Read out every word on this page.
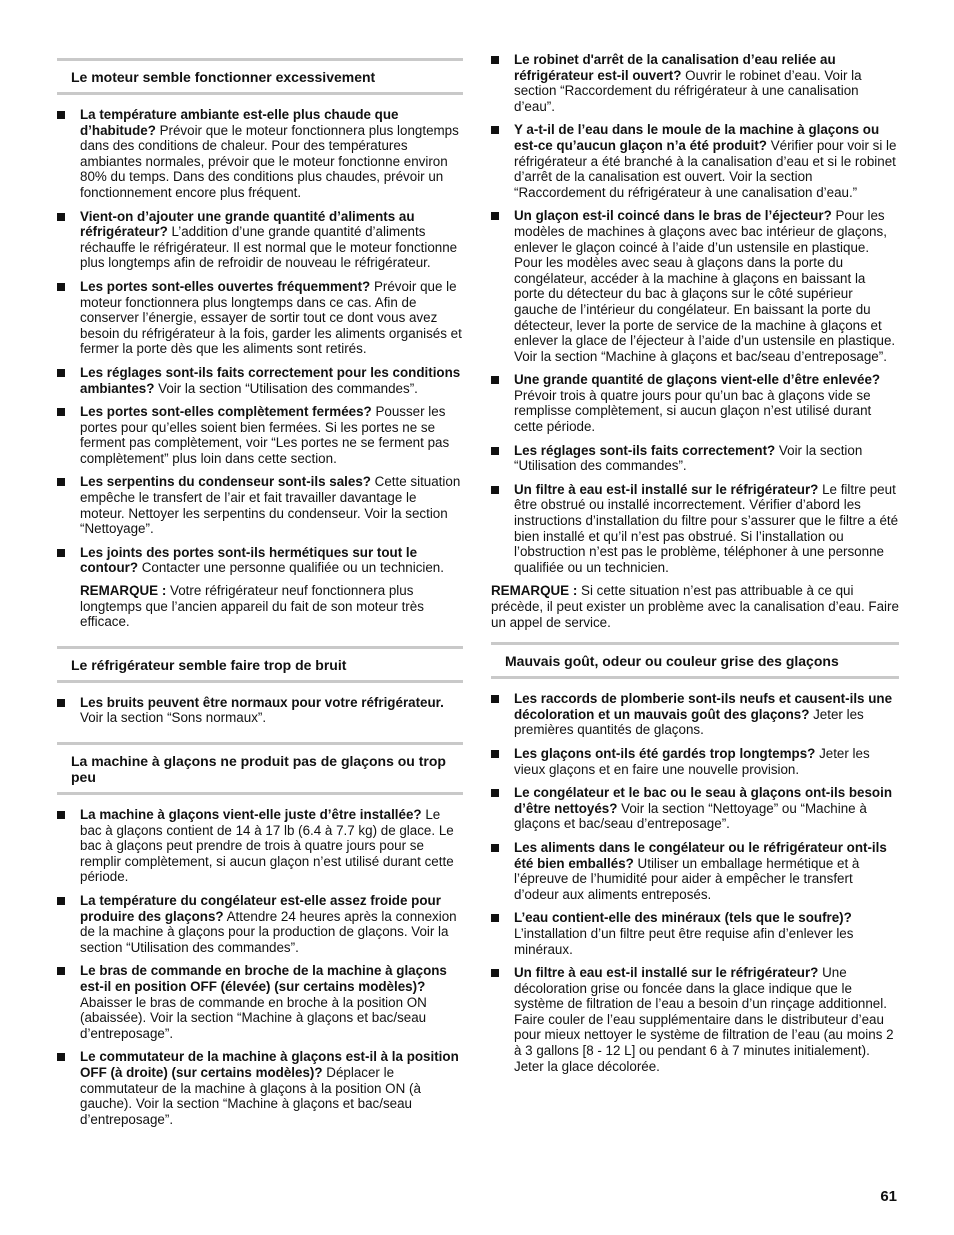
Le moteur semble fonctionner excessivement
La température ambiante est-elle plus chaude que d’habitude? Prévoir que le moteur fonctionnera plus longtemps dans des conditions de chaleur. Pour des températures ambiantes normales, prévoir que le moteur fonctionne environ 80% du temps. Dans des conditions plus chaudes, prévoir un fonctionnement encore plus fréquent.
Vient-on d’ajouter une grande quantité d’aliments au réfrigérateur? L’addition d’une grande quantité d’aliments réchauffe le réfrigérateur. Il est normal que le moteur fonctionne plus longtemps afin de refroidir de nouveau le réfrigérateur.
Les portes sont-elles ouvertes fréquemment? Prévoir que le moteur fonctionnera plus longtemps dans ce cas. Afin de conserver l’énergie, essayer de sortir tout ce dont vous avez besoin du réfrigérateur à la fois, garder les aliments organisés et fermer la porte dès que les aliments sont retirés.
Les réglages sont-ils faits correctement pour les conditions ambiantes? Voir la section “Utilisation des commandes”.
Les portes sont-elles complètement fermées? Pousser les portes pour qu’elles soient bien fermées. Si les portes ne se ferment pas complètement, voir “Les portes ne se ferment pas complètement” plus loin dans cette section.
Les serpentins du condenseur sont-ils sales? Cette situation empêche le transfert de l’air et fait travailler davantage le moteur. Nettoyer les serpentins du condenseur. Voir la section “Nettoyage”.
Les joints des portes sont-ils hermétiques sur tout le contour? Contacter une personne qualifiée ou un technicien.

REMARQUE : Votre réfrigérateur neuf fonctionnera plus longtemps que l’ancien appareil du fait de son moteur très efficace.

Le réfrigérateur semble faire trop de bruit
Les bruits peuvent être normaux pour votre réfrigérateur. Voir la section “Sons normaux”.
La machine à glaçons ne produit pas de glaçons ou trop peu
La machine à glaçons vient-elle juste d’être installée? Le bac à glaçons contient de 14 à 17 lb (6.4 à 7.7 kg) de glace. Le bac à glaçons peut prendre de trois à quatre jours pour se remplir complètement, si aucun glaçon n’est utilisé durant cette période.
La température du congélateur est-elle assez froide pour produire des glaçons? Attendre 24 heures après la connexion de la machine à glaçons pour la production de glaçons. Voir la section “Utilisation des commandes”.
Le bras de commande en broche de la machine à glaçons est-il en position OFF (élevée) (sur certains modèles)? Abaisser le bras de commande en broche à la position ON (abaissée). Voir la section “Machine à glaçons et bac/seau d’entreposage”.
Le commutateur de la machine à glaçons est-il à la position OFF (à droite) (sur certains modèles)? Déplacer le commutateur de la machine à glaçons à la position ON (à gauche). Voir la section “Machine à glaçons et bac/seau d’entreposage”.
Le robinet d'arrêt de la canalisation d’eau reliée au réfrigérateur est-il ouvert? Ouvrir le robinet d’eau. Voir la section “Raccordement du réfrigérateur à une canalisation d’eau”.
Y a-t-il de l’eau dans le moule de la machine à glaçons ou est-ce qu’aucun glaçon n’a été produit? Vérifier pour voir si le réfrigérateur a été branché à la canalisation d’eau et si le robinet d’arrêt de la canalisation est ouvert. Voir la section “Raccordement du réfrigérateur à une canalisation d’eau.”
Un glaçon est-il coincé dans le bras de l’éjecteur? Pour les modèles de machines à glaçons avec bac intérieur de glaçons, enlever le glaçon coincé à l’aide d’un ustensile en plastique. Pour les modèles avec seau à glaçons dans la porte du congélateur, accéder à la machine à glaçons en baissant la porte du détecteur du bac à glaçons sur le côté supérieur gauche de l’intérieur du congélateur. En baissant la porte du détecteur, lever la porte de service de la machine à glaçons et enlever la glace de l’éjecteur à l’aide d’un ustensile en plastique. Voir la section “Machine à glaçons et bac/seau d’entreposage”.
Une grande quantité de glaçons vient-elle d’être enlevée? Prévoir trois à quatre jours pour qu’un bac à glaçons vide se remplisse complètement, si aucun glaçon n’est utilisé durant cette période.
Les réglages sont-ils faits correctement? Voir la section “Utilisation des commandes”.
Un filtre à eau est-il installé sur le réfrigérateur? Le filtre peut être obstrué ou installé incorrectement. Vérifier d’abord les instructions d’installation du filtre pour s’assurer que le filtre a été bien installé et qu’il n’est pas obstrué. Si l’installation ou l’obstruction n’est pas le problème, téléphoner à une personne qualifiée ou un technicien.

REMARQUE : Si cette situation n’est pas attribuable à ce qui précède, il peut exister un problème avec la canalisation d’eau. Faire un appel de service.

Mauvais goût, odeur ou couleur grise des glaçons
Les raccords de plomberie sont-ils neufs et causent-ils une décoloration et un mauvais goût des glaçons? Jeter les premières quantités de glaçons.
Les glaçons ont-ils été gardés trop longtemps? Jeter les vieux glaçons et en faire une nouvelle provision.
Le congélateur et le bac ou le seau à glaçons ont-ils besoin d’être nettoyés? Voir la section “Nettoyage” ou “Machine à glaçons et bac/seau d’entreposage”.
Les aliments dans le congélateur ou le réfrigérateur ont-ils été bien emballés? Utiliser un emballage hermétique et à l’épreuve de l’humidité pour aider à empêcher le transfert d’odeur aux aliments entreposés.
L’eau contient-elle des minéraux (tels que le soufre)? L’installation d’un filtre peut être requise afin d’enlever les minéraux.
Un filtre à eau est-il installé sur le réfrigérateur? Une décoloration grise ou foncée dans la glace indique que le système de filtration de l’eau a besoin d’un rinçage additionnel. Faire couler de l’eau supplémentaire dans le distributeur d’eau pour mieux nettoyer le système de filtration de l’eau (au moins 2 à 3 gallons [8 - 12 L] ou pendant 6 à 7 minutes initialement). Jeter la glace décolorée.
61
